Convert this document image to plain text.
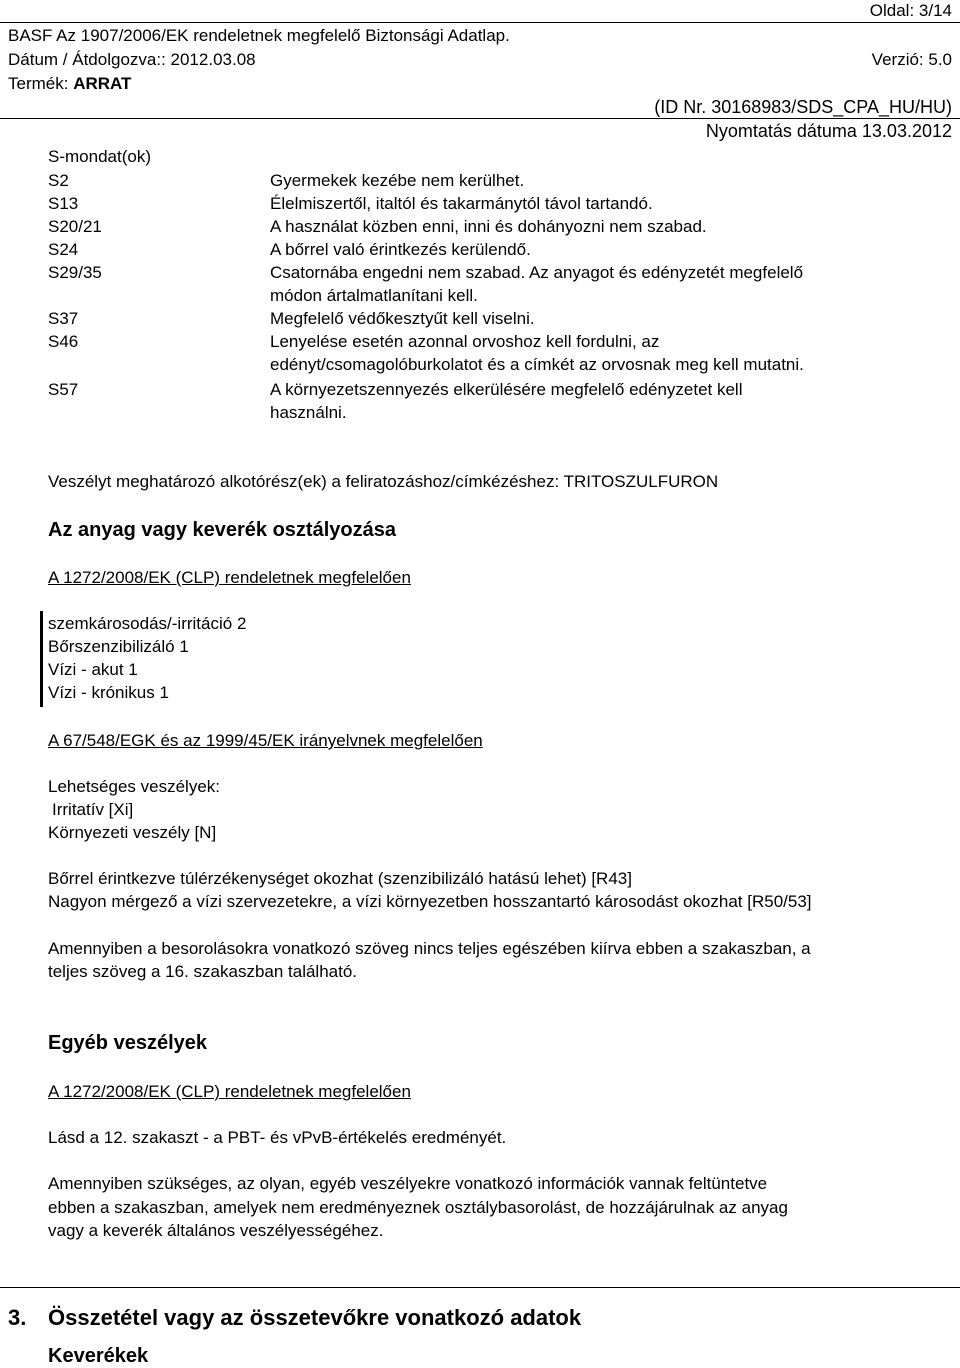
Oldal: 3/14
BASF Az 1907/2006/EK rendeletnek megfelelő Biztonsági Adatlap.
Dátum / Átdolgozva:: 2012.03.08	Verzió: 5.0
Termék: ARRAT
(ID Nr. 30168983/SDS_CPA_HU/HU)
Nyomtatás dátuma 13.03.2012
S-mondat(ok)
S2	Gyermekek kezébe nem kerülhet.
S13	Élelmiszertől, italtól és takarmánytól távol tartandó.
S20/21	A használat közben enni, inni és dohányozni nem szabad.
S24	A bőrrel való érintkezés kerülendő.
S29/35	Csatornába engedni nem szabad. Az anyagot és edényzetét megfelelő
módon ártalmatlanítani kell.
S37	Megfelelő védőkesztyűt kell viselni.
S46	Lenyelése esetén azonnal orvoshoz kell fordulni, az
edényt/csomagolóburkolatot és a címkét az orvosnak meg kell mutatni.
S57	A környezetszennyezés elkerülésére megfelelő edényzetet kell
használni.
Veszélyt meghatározó alkotórész(ek) a feliratozáshoz/címkézéshez: TRITOSZULFURON
Az anyag vagy keverék osztályozása
A 1272/2008/EK (CLP) rendeletnek megfelelően
szemkárosodás/-irritáció 2
Bőrszenzibilizáló 1
Vízi - akut 1
Vízi - krónikus 1
A 67/548/EGK és az 1999/45/EK irányelvnek megfelelően
Lehetséges veszélyek:
Irritatív [Xi]
Környezeti veszély [N]
Bőrrel érintkezve túlérzékenységet okozhat (szenzibilizáló hatású lehet) [R43]
Nagyon mérgező a vízi szervezetekre, a vízi környezetben hosszantartó károsodást okozhat [R50/53]
Amennyiben a besorolásokra vonatkozó szöveg nincs teljes egészében kiírva ebben a szakaszban, a
teljes szöveg a 16. szakaszban található.
Egyéb veszélyek
A 1272/2008/EK (CLP) rendeletnek megfelelően
Lásd a 12. szakaszt - a PBT- és vPvB-értékelés eredményét.
Amennyiben szükséges, az olyan, egyéb veszélyekre vonatkozó információk vannak feltüntetve
ebben a szakaszban, amelyek nem eredményeznek osztálybasorolást, de hozzájárulnak az anyag
vagy a keverék általános veszélyességéhez.
3. Összetétel vagy az összetevőkre vonatkozó adatok
Keverékek
